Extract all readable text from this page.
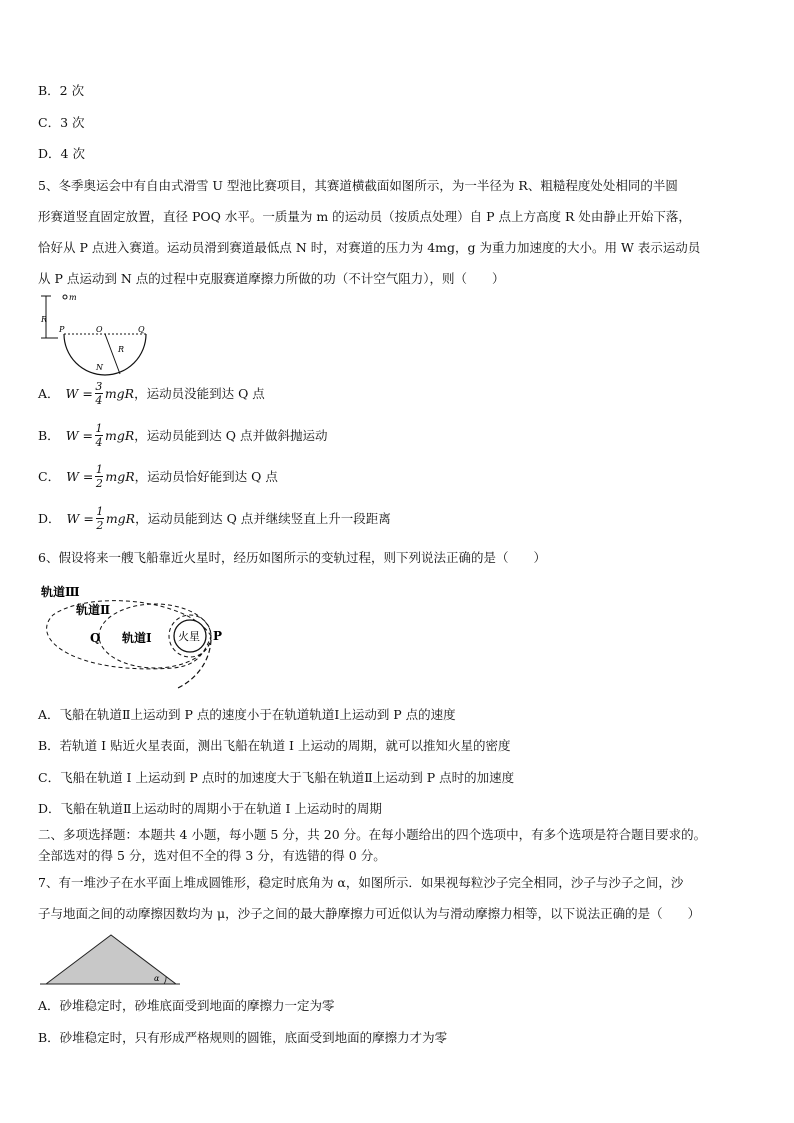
B．2 次
C．3 次
D．4 次
5、冬季奥运会中有自由式滑雪 U 型池比赛项目，其赛道横截面如图所示，为一半径为 R、粗糙程度处处相同的半圆
形赛道竖直固定放置，直径 POQ 水平。一质量为 m 的运动员（按质点处理）自 P 点上方高度 R 处由静止开始下落，
恰好从 P 点进入赛道。运动员滑到赛道最低点 N 时，对赛道的压力为 4mg，g 为重力加速度的大小。用 W 表示运动员
从 P 点运动到 N 点的过程中克服赛道摩擦力所做的功（不计空气阻力），则（　　）
m
R
P	O	Q
R
N
A． $W = \frac{3}{4}$ mgR ，运动员没能到达 Q 点
B． $W = \frac{1}{4}$ mgR ，运动员能到达 Q 点并做斜抛运动
C． $W = \frac{1}{2}$ mgR ，运动员恰好能到达 Q 点
D． $W = \frac{1}{2}$ mgR ，运动员能到达 Q 点并继续竖直上升一段距离
6、假设将来一艘飞船靠近火星时，经历如图所示的变轨过程，则下列说法正确的是（　　）
轨道Ⅲ
轨道Ⅱ
火星
轨道Ⅰ
Q	P
A．飞船在轨道Ⅱ上运动到 P 点的速度小于在轨道轨道Ⅰ上运动到 P 点的速度
B．若轨道 I 贴近火星表面，测出飞船在轨道 I 上运动的周期，就可以推知火星的密度
C．飞船在轨道 I 上运动到 P 点时的加速度大于飞船在轨道Ⅱ上运动到 P 点时的加速度
D．飞船在轨道Ⅱ上运动时的周期小于在轨道 I 上运动时的周期
二、多项选择题：本题共 4 小题，每小题 5 分，共 20 分。在每小题给出的四个选项中，有多个选项是符合题目要求的。
全部选对的得 5 分，选对但不全的得 3 分，有选错的得 0 分。
7、有一堆沙子在水平面上堆成圆锥形，稳定时底角为 α，如图所示．如果视每粒沙子完全相同，沙子与沙子之间，沙
子与地面之间的动摩擦因数均为 μ，沙子之间的最大静摩擦力可近似认为与滑动摩擦力相等，以下说法正确的是（　　）
α
A．砂堆稳定时，砂堆底面受到地面的摩擦力一定为零
B．砂堆稳定时，只有形成严格规则的圆锥，底面受到地面的摩擦力才为零
